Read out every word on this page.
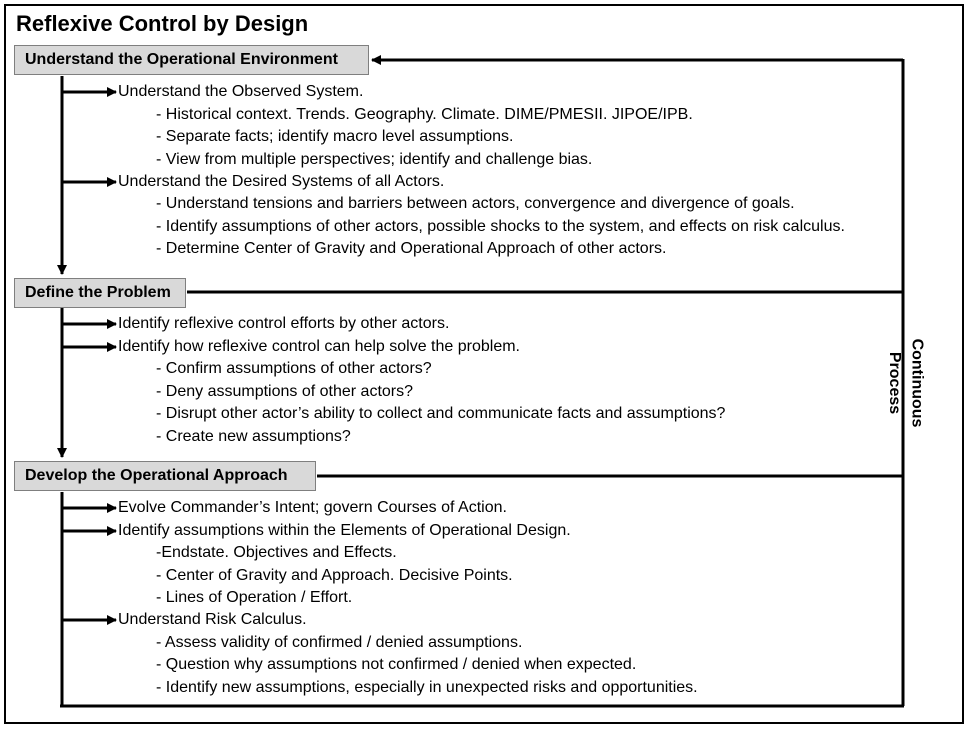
Reflexive Control by Design
Understand the Operational Environment
Define the Problem
Develop the Operational Approach
Understand the Observed System.
- Historical context. Trends. Geography. Climate. DIME/PMESII. JIPOE/IPB.
- Separate facts; identify macro level assumptions.
- View from multiple perspectives; identify and challenge bias.
Understand the Desired Systems of all Actors.
- Understand tensions and barriers between actors, convergence and divergence of goals.
- Identify assumptions of other actors, possible shocks to the system, and effects on risk calculus.
- Determine Center of Gravity and Operational Approach of other actors.
Identify reflexive control efforts by other actors.
Identify how reflexive control can help solve the problem.
- Confirm assumptions of other actors?
- Deny assumptions of other actors?
- Disrupt other actor’s ability to collect and communicate facts and assumptions?
- Create new assumptions?
Evolve Commander’s Intent; govern Courses of Action.
Identify assumptions within the Elements of Operational Design.
-Endstate. Objectives and Effects.
- Center of Gravity and Approach. Decisive Points.
- Lines of Operation / Effort.
Understand Risk Calculus.
- Assess validity of confirmed / denied assumptions.
- Question why assumptions not confirmed / denied when expected.
- Identify new assumptions, especially in unexpected risks and opportunities.
Continuous
Process
